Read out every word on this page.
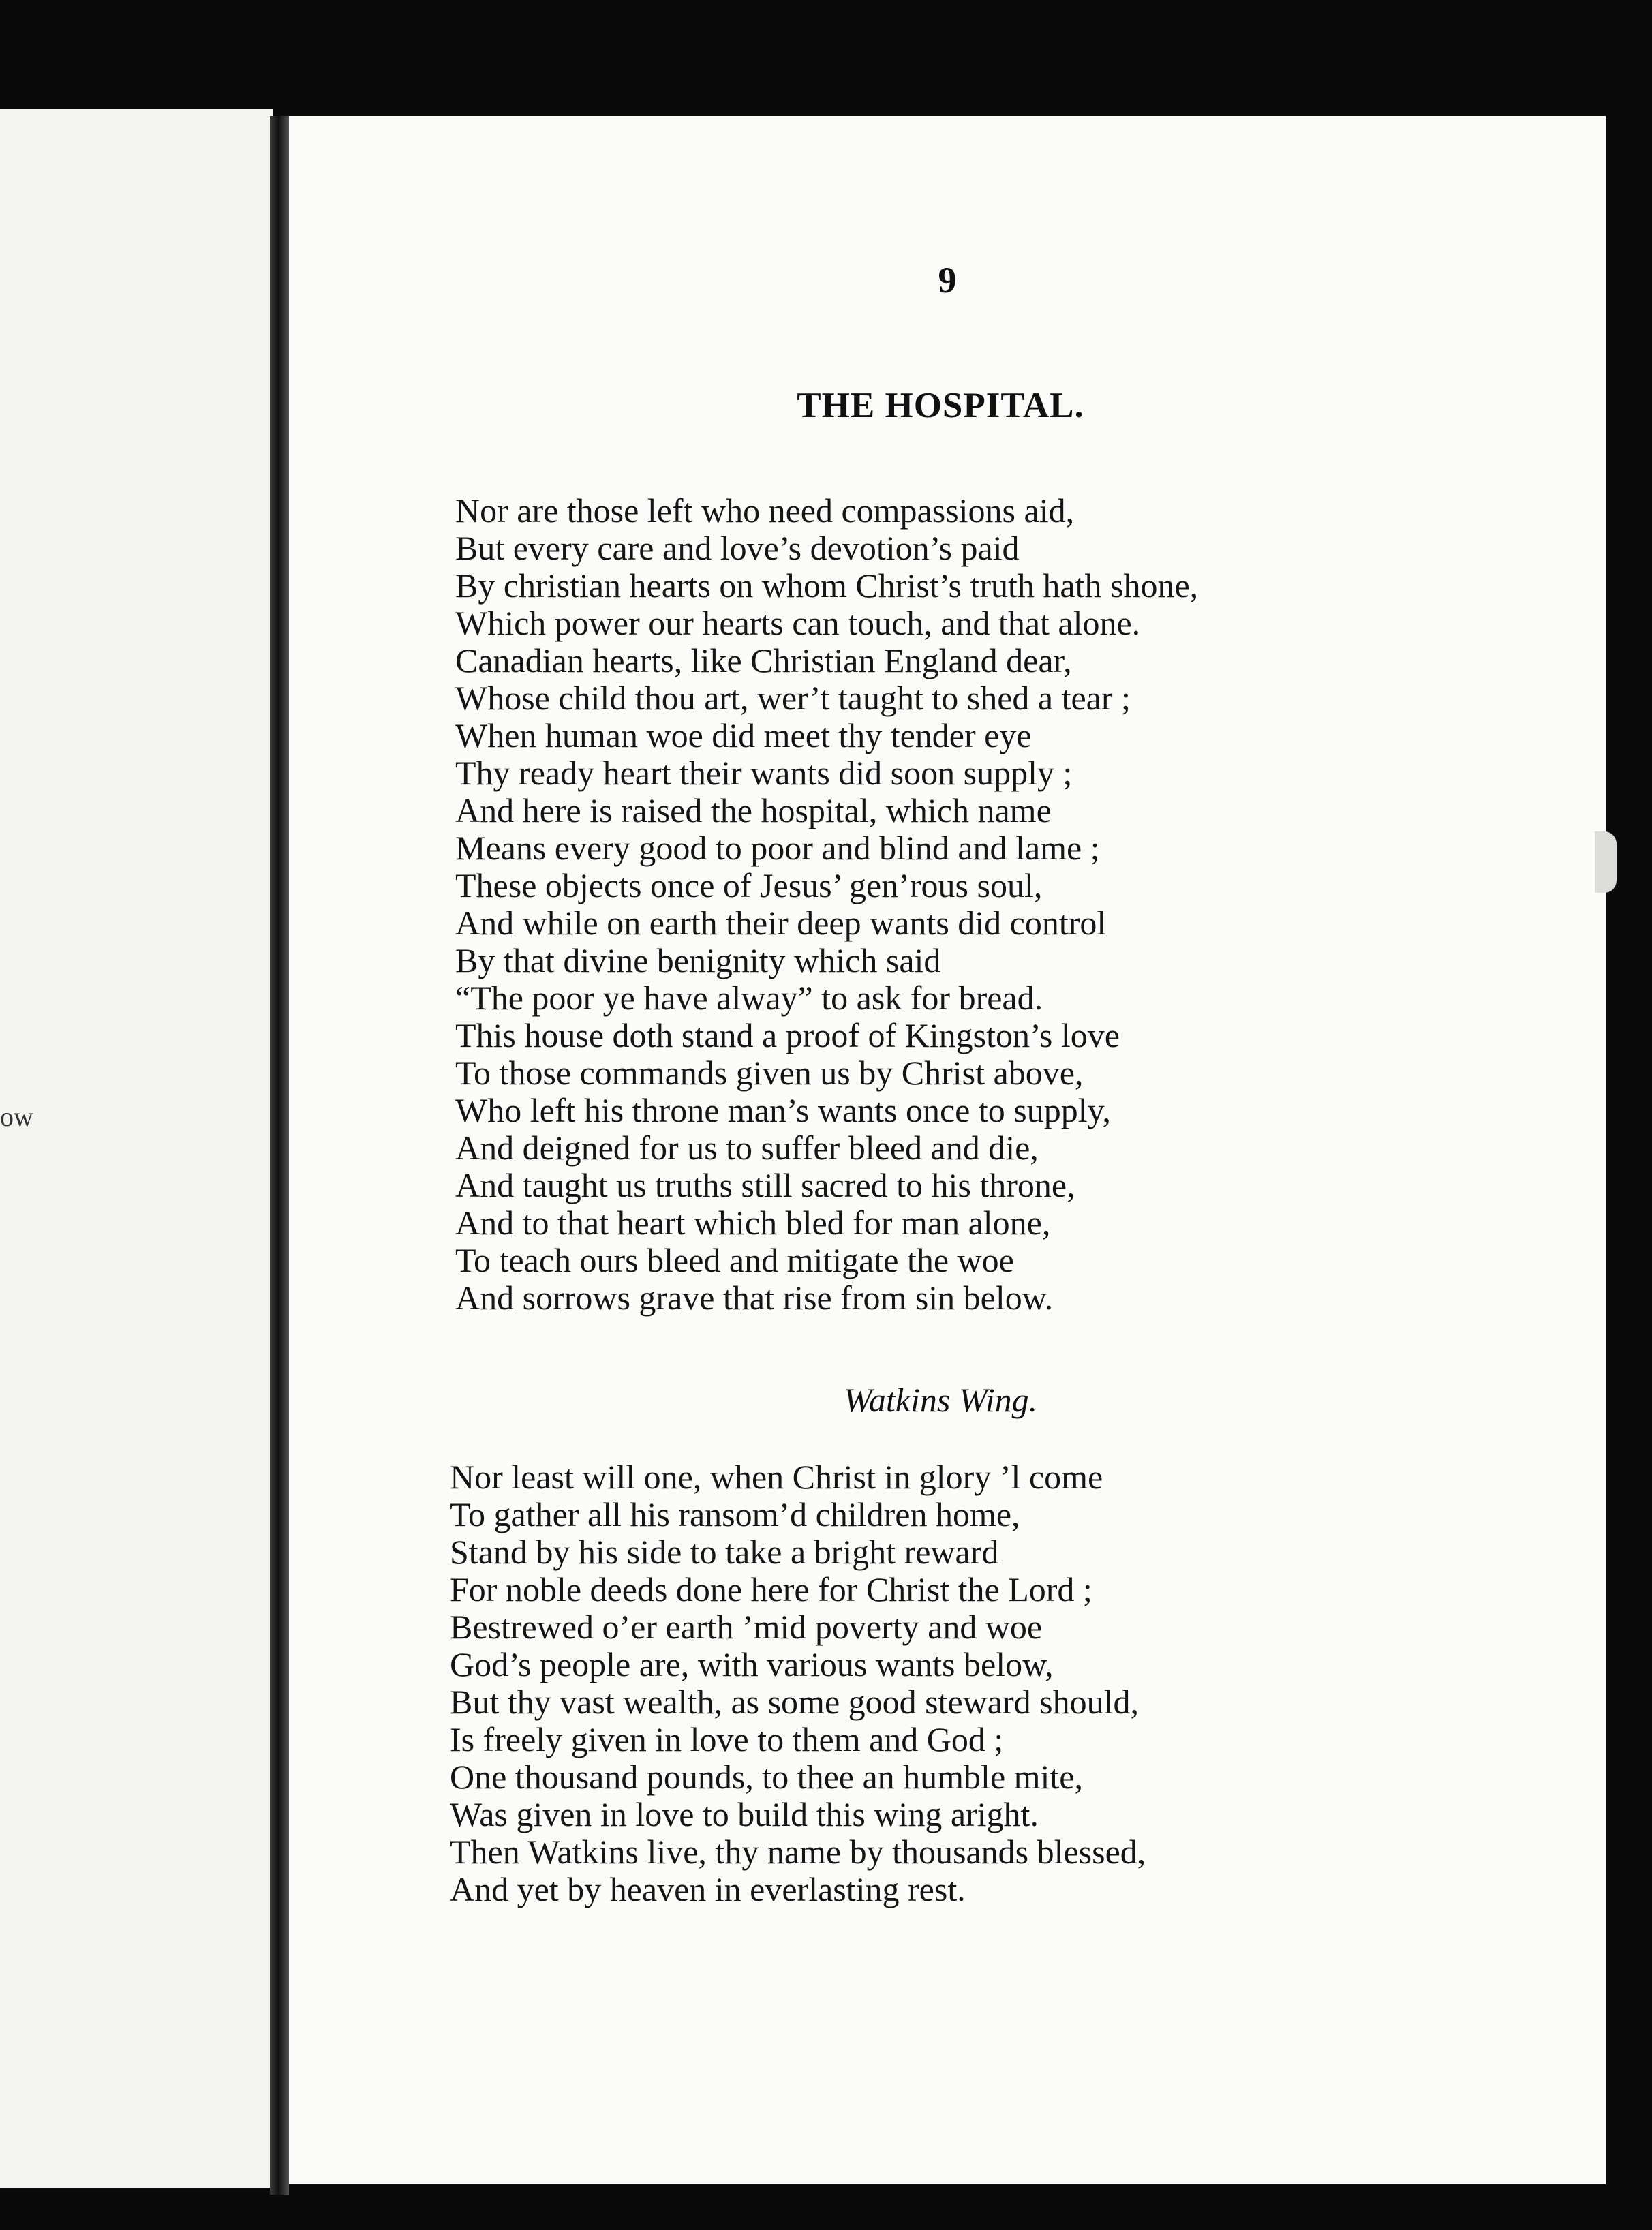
ow
9
THE HOSPITAL.
Nor are those left who need compassions aid,
But every care and love’s devotion’s paid
By christian hearts on whom Christ’s truth hath shone,
Which power our hearts can touch, and that alone.
Canadian hearts, like Christian England dear,
Whose child thou art, wer’t taught to shed a tear ;
When human woe did meet thy tender eye
Thy ready heart their wants did soon supply ;
And here is raised the hospital, which name
Means every good to poor and blind and lame ;
These objects once of Jesus’ gen’rous soul,
And while on earth their deep wants did control
By that divine benignity which said
“The poor ye have alway” to ask for bread.
This house doth stand a proof of Kingston’s love
To those commands given us by Christ above,
Who left his throne man’s wants once to supply,
And deigned for us to suffer bleed and die,
And taught us truths still sacred to his throne,
And to that heart which bled for man alone,
To teach ours bleed and mitigate the woe
And sorrows grave that rise from sin below.
Watkins Wing.
Nor least will one, when Christ in glory ’l come
To gather all his ransom’d children home,
Stand by his side to take a bright reward
For noble deeds done here for Christ the Lord ;
Bestrewed o’er earth ’mid poverty and woe
God’s people are, with various wants below,
But thy vast wealth, as some good steward should,
Is freely given in love to them and God ;
One thousand pounds, to thee an humble mite,
Was given in love to build this wing aright.
Then Watkins live, thy name by thousands blessed,
And yet by heaven in everlasting rest.
